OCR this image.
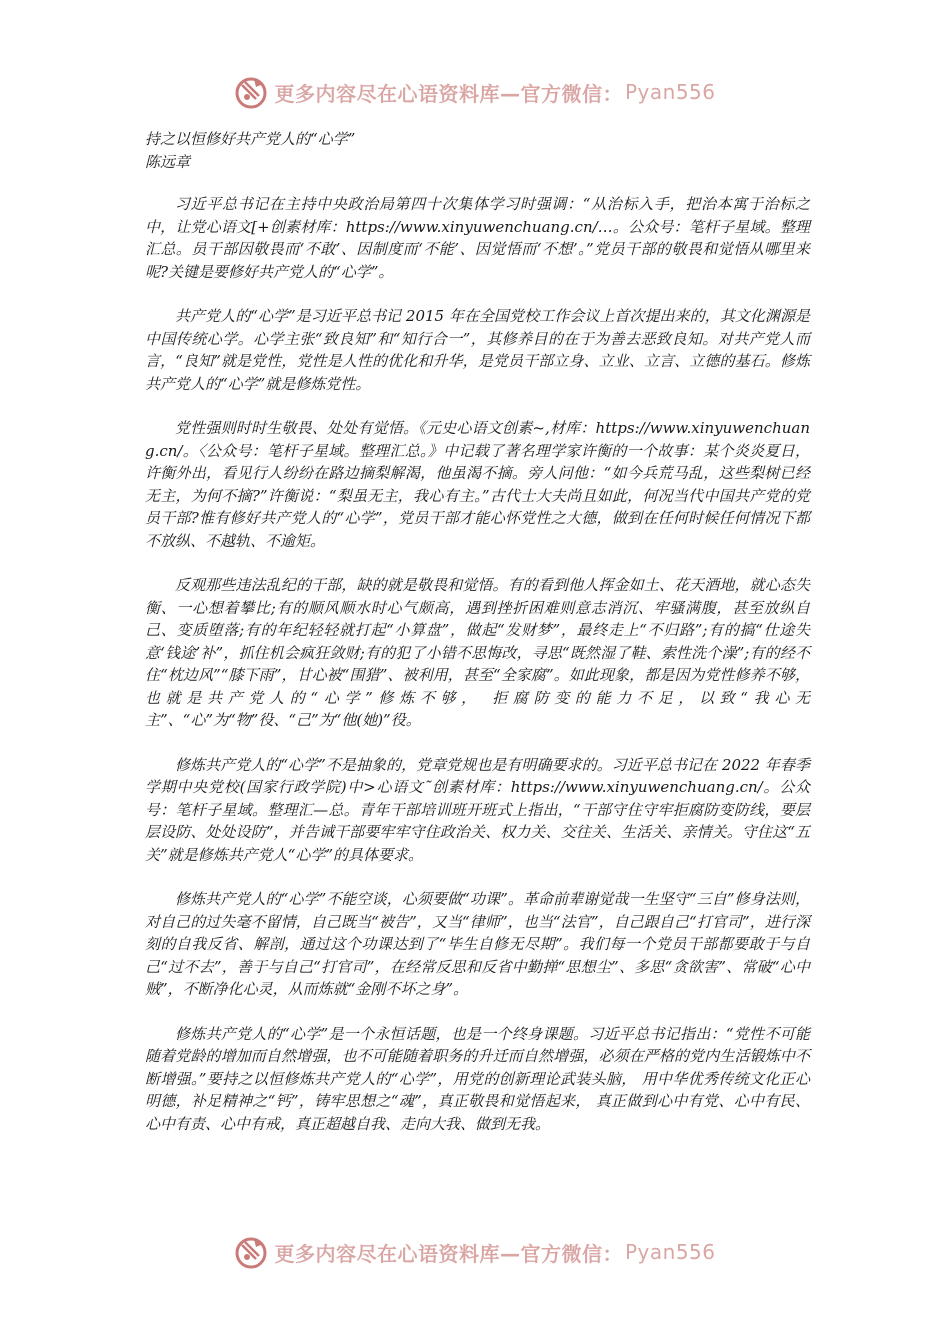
更多内容尽在心语资料库—官方微信： Pyan556

持之以恒修好共产党人的“心学”

陈远章

习近平总书记在主持中央政治局第四十次集体学习时强调：“从治标入手，把治本寓于治标之中，让党心语文[+创素材库：https://www.xinyuwenchuang.cn/…。公众号：笔杆子星域。整理汇总。员干部因敬畏而‘不敢’、因制度而‘不能’、因觉悟而‘不想’。”党员干部的敬畏和觉悟从哪里来呢?关键是要修好共产党人的“心学”。

共产党人的“心学”是习近平总书记 2015 年在全国党校工作会议上首次提出来的，其文化渊源是中国传统心学。心学主张“致良知”和“知行合一”，其修养目的在于为善去恶致良知。对共产党人而言，“良知”就是党性，党性是人性的优化和升华，是党员干部立身、立业、立言、立德的基石。修炼共产党人的“心学”就是修炼党性。

党性强则时时生敬畏、处处有觉悟。《元史心语文创素~,材库：https://www.xinyuwenchuang.cn/。〈公众号：笔杆子星域。整理汇总。》中记载了著名理学家许衡的一个故事：某个炎炎夏日，许衡外出，看见行人纷纷在路边摘梨解渴，他虽渴不摘。旁人问他：“如今兵荒马乱，这些梨树已经无主，为何不摘?”许衡说：“梨虽无主，我心有主。”古代士大夫尚且如此，何况当代中国共产党的党员干部?惟有修好共产党人的“心学”，党员干部才能心怀党性之大德，做到在任何时候任何情况下都不放纵、不越轨、不逾矩。

反观那些违法乱纪的干部，缺的就是敬畏和觉悟。有的看到他人挥金如土、花天酒地，就心态失衡、一心想着攀比;有的顺风顺水时心气颇高，遇到挫折困难则意志消沉、牢骚满腹，甚至放纵自己、变质堕落;有的年纪轻轻就打起“小算盘”，做起“发财梦”，最终走上“不归路”;有的搞“仕途失意‘钱途’补”，抓住机会疯狂敛财;有的犯了小错不思悔改，寻思“既然湿了鞋、索性洗个澡”;有的经不住“枕边风”“膝下雨”，甘心被“围猎”、被利用，甚至“全家腐”。如此现象，都是因为党性修养不够，也就是共产党人的“心学”修炼不够， 拒腐防变的能力不足，以致“我心无主”、“心”为“物”役、“己”为“他(她)”役。

修炼共产党人的“心学”不是抽象的，党章党规也是有明确要求的。习近平总书记在 2022 年春季学期中央党校(国家行政学院)中>心语文˜创素材库：https://www.xinyuwenchuang.cn/。公众号：笔杆子星域。整理汇—总。青年干部培训班开班式上指出，“干部守住守牢拒腐防变防线，要层层设防、处处设防”，并告诫干部要牢牢守住政治关、权力关、交往关、生活关、亲情关。守住这“五关”就是修炼共产党人“心学”的具体要求。

修炼共产党人的“心学”不能空谈，心须要做“功课”。革命前辈谢觉哉一生坚守“三自”修身法则，对自己的过失毫不留情，自己既当“被告”，又当“律师”，也当“法官”，自己跟自己“打官司”，进行深刻的自我反省、解剖，通过这个功课达到了“毕生自修无尽期”。我们每一个党员干部都要敢于与自己“过不去”，善于与自己“打官司”，在经常反思和反省中勤掸“思想尘”、多思“贪欲害”、常破“心中贼”，不断净化心灵，从而炼就“金刚不坏之身”。

修炼共产党人的“心学”是一个永恒话题，也是一个终身课题。习近平总书记指出：“党性不可能随着党龄的增加而自然增强，也不可能随着职务的升迁而自然增强，必须在严格的党内生活锻炼中不断增强。”要持之以恒修炼共产党人的“心学”，用党的创新理论武装头脑， 用中华优秀传统文化正心明德，补足精神之“钙”，铸牢思想之“魂”，真正敬畏和觉悟起来， 真正做到心中有党、心中有民、心中有责、心中有戒，真正超越自我、走向大我、做到无我。

更多内容尽在心语资料库—官方微信： Pyan556
